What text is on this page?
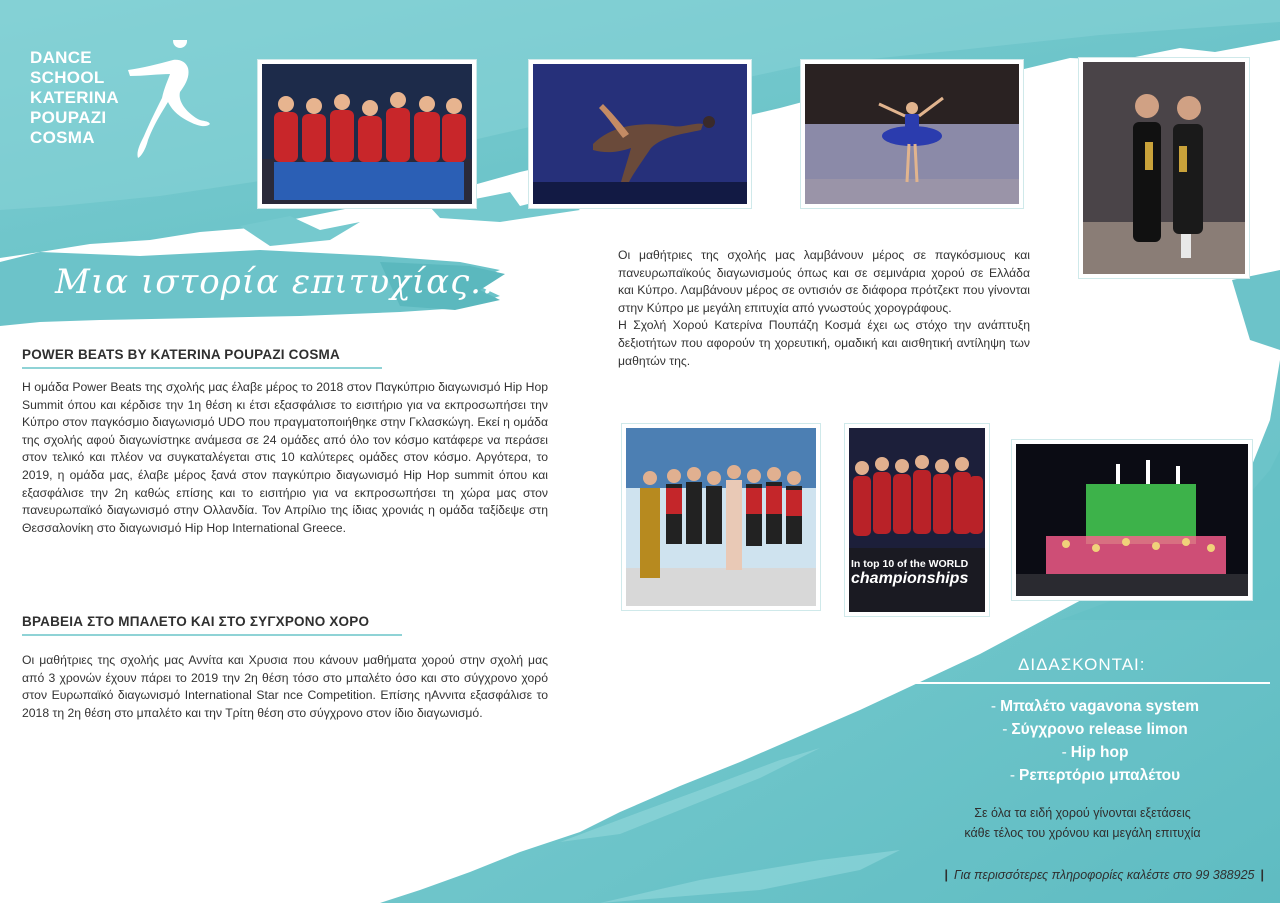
DANCE
SCHOOL
KATERINA
POUPAZI
COSMA
Μια ιστορία επιτυχίας...
POWER BEATS BY KATERINA POUPAZI COSMA

Η ομάδα Power Beats της σχολής μας έλαβε μέρος το 2018 στον Παγκύπριο διαγωνισμό Hip Hop Summit όπου και κέρδισε την 1η θέση κι έτσι εξασφάλισε το εισιτήριο για να εκπροσωπήσει την Κύπρο στον παγκόσμιο διαγωνισμό UDO που πραγματοποιήθηκε στην Γκλασκώγη. Εκεί η ομάδα της σχολής αφού διαγωνίστηκε ανάμεσα σε 24 ομάδες από όλο τον κόσμο κατάφερε να περάσει στον τελικό και πλέον να συγκαταλέγεται στις 10 καλύτερες ομάδες στον κόσμο. Αργότερα, το 2019, η ομάδα μας, έλαβε μέρος ξανά στον παγκύπριο διαγωνισμό Hip Hop summit όπου και εξασφάλισε την 2η καθώς επίσης και το εισιτήριο για να εκπροσωπήσει τη χώρα μας στον πανευρωπαϊκό διαγωνισμό στην Ολλανδία. Τον Απρίλιο της ίδιας χρονιάς η ομάδα ταξίδεψε στη Θεσσαλονίκη στο διαγωνισμό Hip Hop International Greece.

ΒΡΑΒΕΙΑ ΣΤΟ ΜΠΑΛΕΤΟ ΚΑΙ ΣΤΟ ΣΥΓΧΡΟΝΟ ΧΟΡΟ

Οι μαθήτριες της σχολής μας Αννίτα και Χρυσια που κάνουν μαθήματα χορού στην σχολή μας από 3 χρονών έχουν πάρει το 2019 την 2η θέση τόσο στο μπαλέτο όσο και στο σύγχρονο χορό στον Ευρωπαϊκό διαγωνισμό International Star nce Competition. Επίσης ηΑννιτα εξασφάλισε το 2018 τη 2η θέση στο μπαλέτο και την Τρίτη θέση στο σύγχρονο στον ίδιο διαγωνισμό.

Οι μαθήτριες της σχολής μας λαμβάνουν μέρος σε παγκόσμιους και πανευρωπαϊκούς διαγωνισμούς όπως και σε σεμινάρια χορού σε Ελλάδα και Κύπρο. Λαμβάνουν μέρος σε οντισιόν σε διάφορα πρότζεκτ που γίνονται στην Κύπρο με μεγάλη επιτυχία από γνωστούς χορογράφους.

Η Σχολή Χορού Κατερίνα Πουπάζη Κοσμά έχει ως στόχο την ανάπτυξη δεξιοτήτων που αφορούν τη χορευτική, ομαδική και αισθητική αντίληψη των μαθητών της.

In top 10 of the WORLD
championships
ΔΙΔΑΣΚΟΝΤΑΙ:
- Μπαλέτο vagavona system
- Σύγχρονο release limon
- Hip hop
- Ρεπερτόριο μπαλέτου
Σε όλα τα ειδή χορού γίνονται εξετάσεις
κάθε τέλος του χρόνου και μεγάλη επιτυχία
| Για περισσότερες πληροφορίες καλέστε στο 99 388925 |
